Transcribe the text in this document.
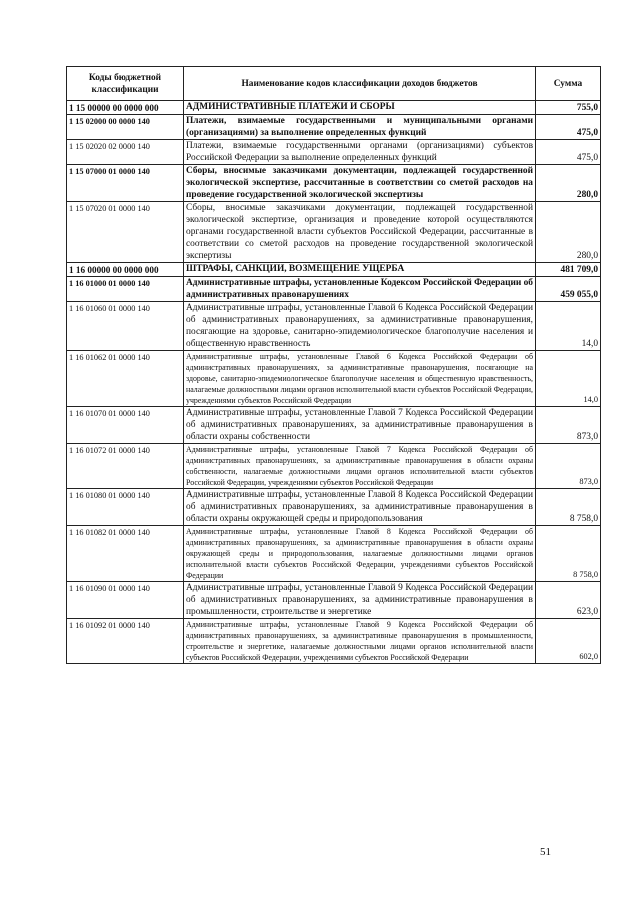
Коды бюджетной классификации	Наименование кодов классификации доходов бюджетов	Сумма
1 15 00000 00 0000 000	АДМИНИСТРАТИВНЫЕ ПЛАТЕЖИ И СБОРЫ	755,0
1 15 02000 00 0000 140	Платежи, взимаемые государственными и муниципальными органами (организациями) за выполнение определенных функций	475,0
1 15 02020 02 0000 140	Платежи, взимаемые государственными органами (организациями) субъектов Российской Федерации за выполнение определенных функций	475,0
1 15 07000 01 0000 140	Сборы, вносимые заказчиками документации, подлежащей государственной экологической экспертизе, рассчитанные в соответствии со сметой расходов на проведение государственной экологической экспертизы	280,0
1 15 07020 01 0000 140	Сборы, вносимые заказчиками документации, подлежащей государственной экологической экспертизе, организация и проведение которой осуществляются органами государственной власти субъектов Российской Федерации, рассчитанные в соответствии со сметой расходов на проведение государственной экологической экспертизы	280,0
1 16 00000 00 0000 000	ШТРАФЫ, САНКЦИИ, ВОЗМЕЩЕНИЕ УЩЕРБА	481 709,0
1 16 01000 01 0000 140	Административные штрафы, установленные Кодексом Российской Федерации об административных правонарушениях	459 055,0
1 16 01060 01 0000 140	Административные штрафы, установленные Главой 6 Кодекса Российской Федерации об административных правонарушениях, за административные правонарушения, посягающие на здоровье, санитарно-эпидемиологическое благополучие населения и общественную нравственность	14,0
1 16 01062 01 0000 140	Административные штрафы, установленные Главой 6 Кодекса Российской Федерации об административных правонарушениях, за административные правонарушения, посягающие на здоровье, санитарно-эпидемиологическое благополучие населения и общественную нравственность, налагаемые должностными лицами органов исполнительной власти субъектов Российской Федерации, учреждениями субъектов Российской Федерации	14,0
1 16 01070 01 0000 140	Административные штрафы, установленные Главой 7 Кодекса Российской Федерации об административных правонарушениях, за административные правонарушения в области охраны собственности	873,0
1 16 01072 01 0000 140	Административные штрафы, установленные Главой 7 Кодекса Российской Федерации об административных правонарушениях, за административные правонарушения в области охраны собственности, налагаемые должностными лицами органов исполнительной власти субъектов Российской Федерации, учреждениями субъектов Российской Федерации	873,0
1 16 01080 01 0000 140	Административные штрафы, установленные Главой 8 Кодекса Российской Федерации об административных правонарушениях, за административные правонарушения в области охраны окружающей среды и природопользования	8 758,0
1 16 01082 01 0000 140	Административные штрафы, установленные Главой 8 Кодекса Российской Федерации об административных правонарушениях, за административные правонарушения в области охраны окружающей среды и природопользования, налагаемые должностными лицами органов исполнительной власти субъектов Российской Федерации, учреждениями субъектов Российской Федерации	8 758,0
1 16 01090 01 0000 140	Административные штрафы, установленные Главой 9 Кодекса Российской Федерации об административных правонарушениях, за административные правонарушения в промышленности, строительстве и энергетике	623,0
1 16 01092 01 0000 140	Административные штрафы, установленные Главой 9 Кодекса Российской Федерации об административных правонарушениях, за административные правонарушения в промышленности, строительстве и энергетике, налагаемые должностными лицами органов исполнительной власти субъектов Российской Федерации, учреждениями субъектов Российской Федерации	602,0
51
